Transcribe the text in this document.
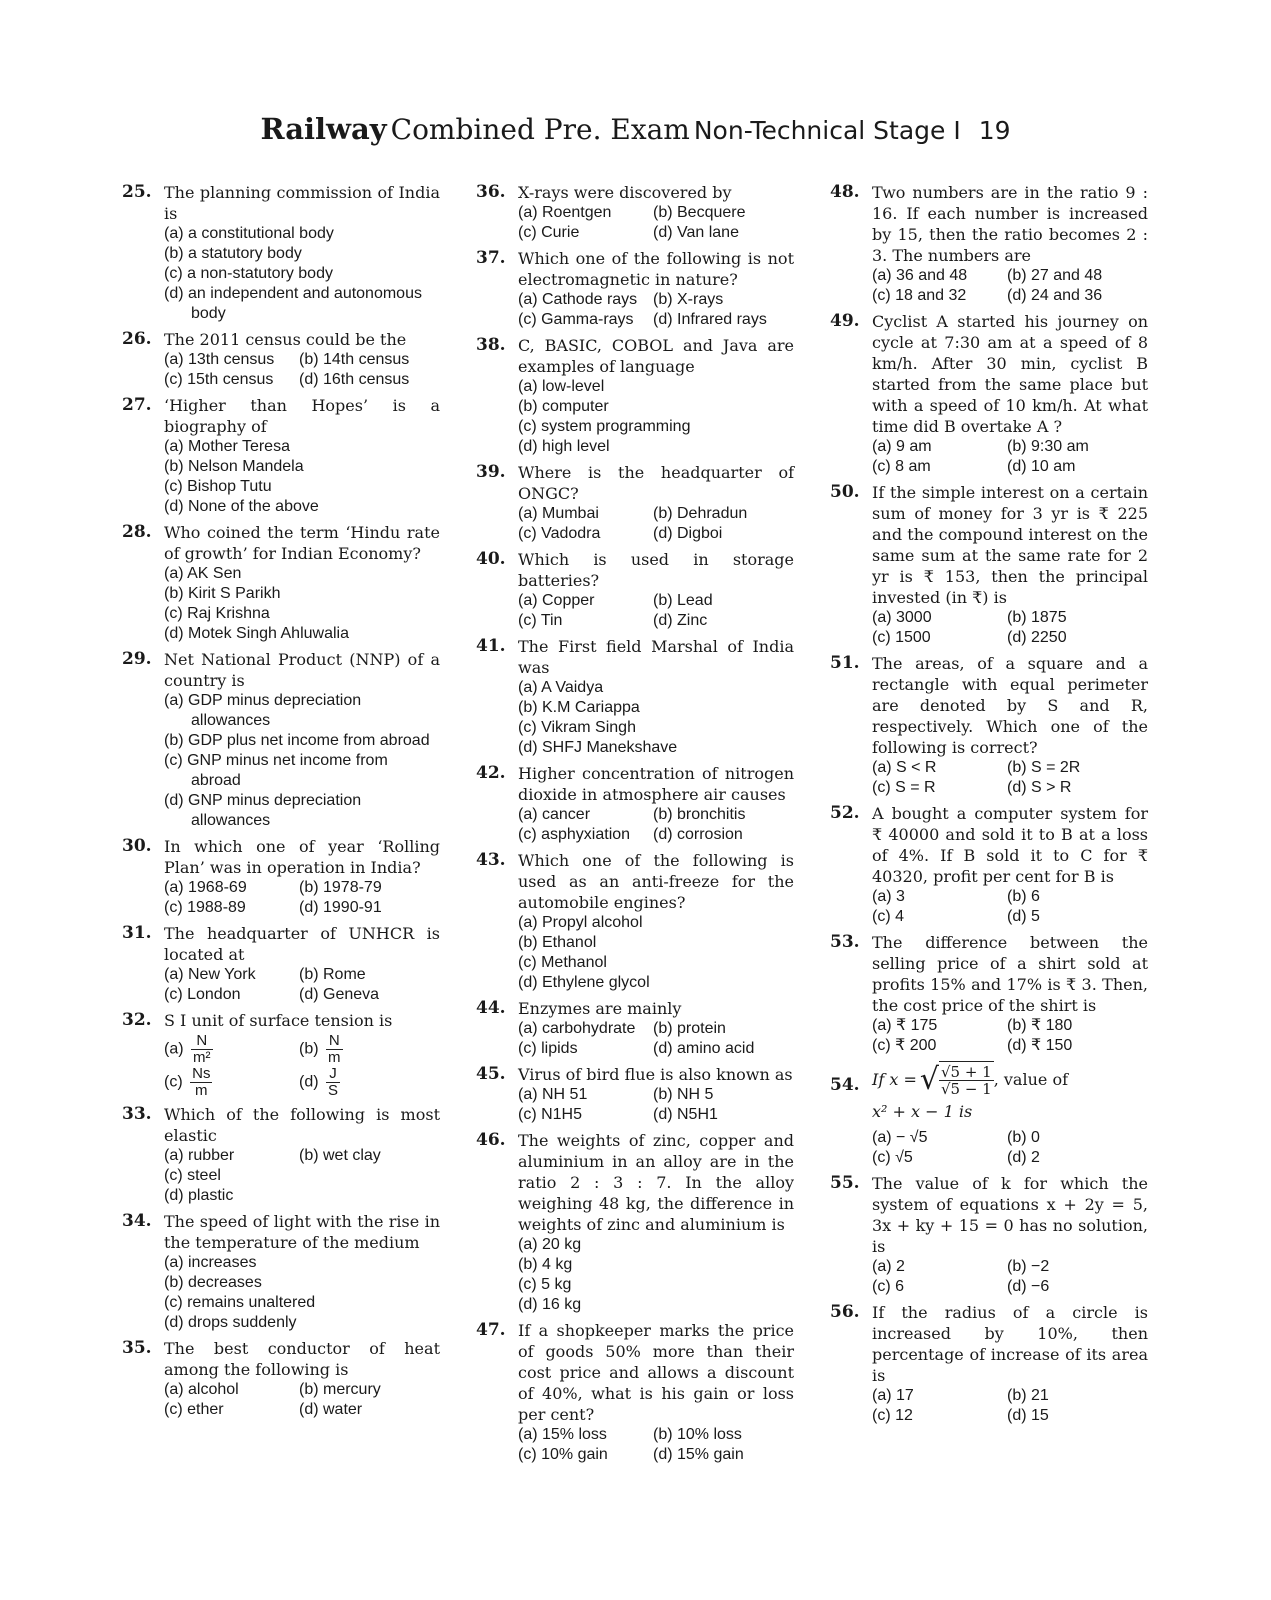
Railway Combined Pre. Exam Non-Technical Stage I 19
25. The planning commission of India is
(a) a constitutional body
(b) a statutory body
(c) a non-statutory body
(d) an independent and autonomous body
26. The 2011 census could be the
(a) 13th census	(b) 14th census
(c) 15th census	(d) 16th census
27. ‘Higher than Hopes’ is a biography of
(a) Mother Teresa
(b) Nelson Mandela
(c) Bishop Tutu
(d) None of the above
28. Who coined the term ‘Hindu rate of growth’ for Indian Economy?
(a) AK Sen
(b) Kirit S Parikh
(c) Raj Krishna
(d) Motek Singh Ahluwalia
29. Net National Product (NNP) of a country is
(a) GDP minus depreciation allowances
(b) GDP plus net income from abroad
(c) GNP minus net income from abroad
(d) GNP minus depreciation allowances
30. In which one of year ‘Rolling Plan’ was in operation in India?
(a) 1968-69	(b) 1978-79
(c) 1988-89	(d) 1990-91
31. The headquarter of UNHCR is located at
(a) New York	(b) Rome
(c) London	(d) Geneva
32. S I unit of surface tension is
$(a) \frac{N}{\text{m²}}$	$(b) \frac{N}{m}$
$(c) \frac{Ns}{m}$	$(d) \frac{J}{S}$
33. Which of the following is most elastic
(a) rubber	(b) wet clay
(c) steel
(d) plastic
34. The speed of light with the rise in the temperature of the medium
(a) increases
(b) decreases
(c) remains unaltered
(d) drops suddenly
35. The best conductor of heat among the following is
(a) alcohol	(b) mercury
(c) ether	(d) water
36. X-rays were discovered by
(a) Roentgen	(b) Becquere
(c) Curie	(d) Van lane
37. Which one of the following is not electromagnetic in nature?
(a) Cathode rays (b) X-rays
(c) Gamma-rays	(d) Infrared rays
38. C, BASIC, COBOL and Java are examples of language
(a) low-level
(b) computer
(c) system programming
(d) high level
39. Where is the headquarter of ONGC?
(a) Mumbai	(b) Dehradun
(c) Vadodra	(d) Digboi
40. Which is used in storage batteries?
(a) Copper	(b) Lead
(c) Tin	(d) Zinc
41. The First field Marshal of India was
(a) A Vaidya
(b) K.M Cariappa
(c) Vikram Singh
(d) SHFJ Manekshave
42. Higher concentration of nitrogen dioxide in atmosphere air causes
(a) cancer	(b) bronchitis
(c) asphyxiation	(d) corrosion
43. Which one of the following is used as an anti-freeze for the automobile engines?
(a) Propyl alcohol
(b) Ethanol
(c) Methanol
(d) Ethylene glycol
44. Enzymes are mainly
(a) carbohydrate	(b) protein
(c) lipids	(d) amino acid
45. Virus of bird flue is also known as
(a) NH 51	(b) NH 5
(c) N1H5	(d) N5H1
46. The weights of zinc, copper and aluminium in an alloy are in the ratio 2 : 3 : 7. In the alloy weighing 48 kg, the difference in weights of zinc and aluminium is
(a) 20 kg
(b) 4 kg
(c) 5 kg
(d) 16 kg
47. If a shopkeeper marks the price of goods 50% more than their cost price and allows a discount of 40%, what is his gain or loss per cent?
(a) 15% loss	(b) 10% loss
(c) 10% gain	(d) 15% gain
48. Two numbers are in the ratio 9 : 16. If each number is increased by 15, then the ratio becomes 2 : 3. The numbers are
(a) 36 and 48	(b) 27 and 48
(c) 18 and 32	(d) 24 and 36
49. Cyclist A started his journey on cycle at 7:30 am at a speed of 8 km/h. After 30 min, cyclist B started from the same place but with a speed of 10 km/h. At what time did B overtake A ?
(a) 9 am	(b) 9:30 am
(c) 8 am	(d) 10 am
50. If the simple interest on a certain sum of money for 3 yr is ₹ 225 and the compound interest on the same sum at the same rate for 2 yr is ₹ 153, then the principal invested (in ₹) is
(a) 3000	(b) 1875
(c) 1500	(d) 2250
51. The areas, of a square and a rectangle with equal perimeter are denoted by S and R, respectively. Which one of the following is correct?
(a) S < R	(b) S = 2R
(c) S = R	(d) S > R
52. A bought a computer system for ₹ 40000 and sold it to B at a loss of 4%. If B sold it to C for ₹ 40320, profit per cent for B is
(a) 3	(b) 6
(c) 4	(d) 5
53. The difference between the selling price of a shirt sold at profits 15% and 17% is ₹ 3. Then, the cost price of the shirt is
(a) ₹ 175	(b) ₹ 180
(c) ₹ 200	(d) ₹ 150
54. If x = √ $\frac{√5 + 1}{√5 - 1}$ , value of
x² + x − 1 is
(a) − √5	(b) 0
(c) √5	(d) 2
55. The value of k for which the system of equations x + 2y = 5, 3x + ky + 15 = 0 has no solution, is
(a) 2	(b) −2
(c) 6	(d) −6
56. If the radius of a circle is increased by 10%, then percentage of increase of its area is
(a) 17	(b) 21
(c) 12	(d) 15
